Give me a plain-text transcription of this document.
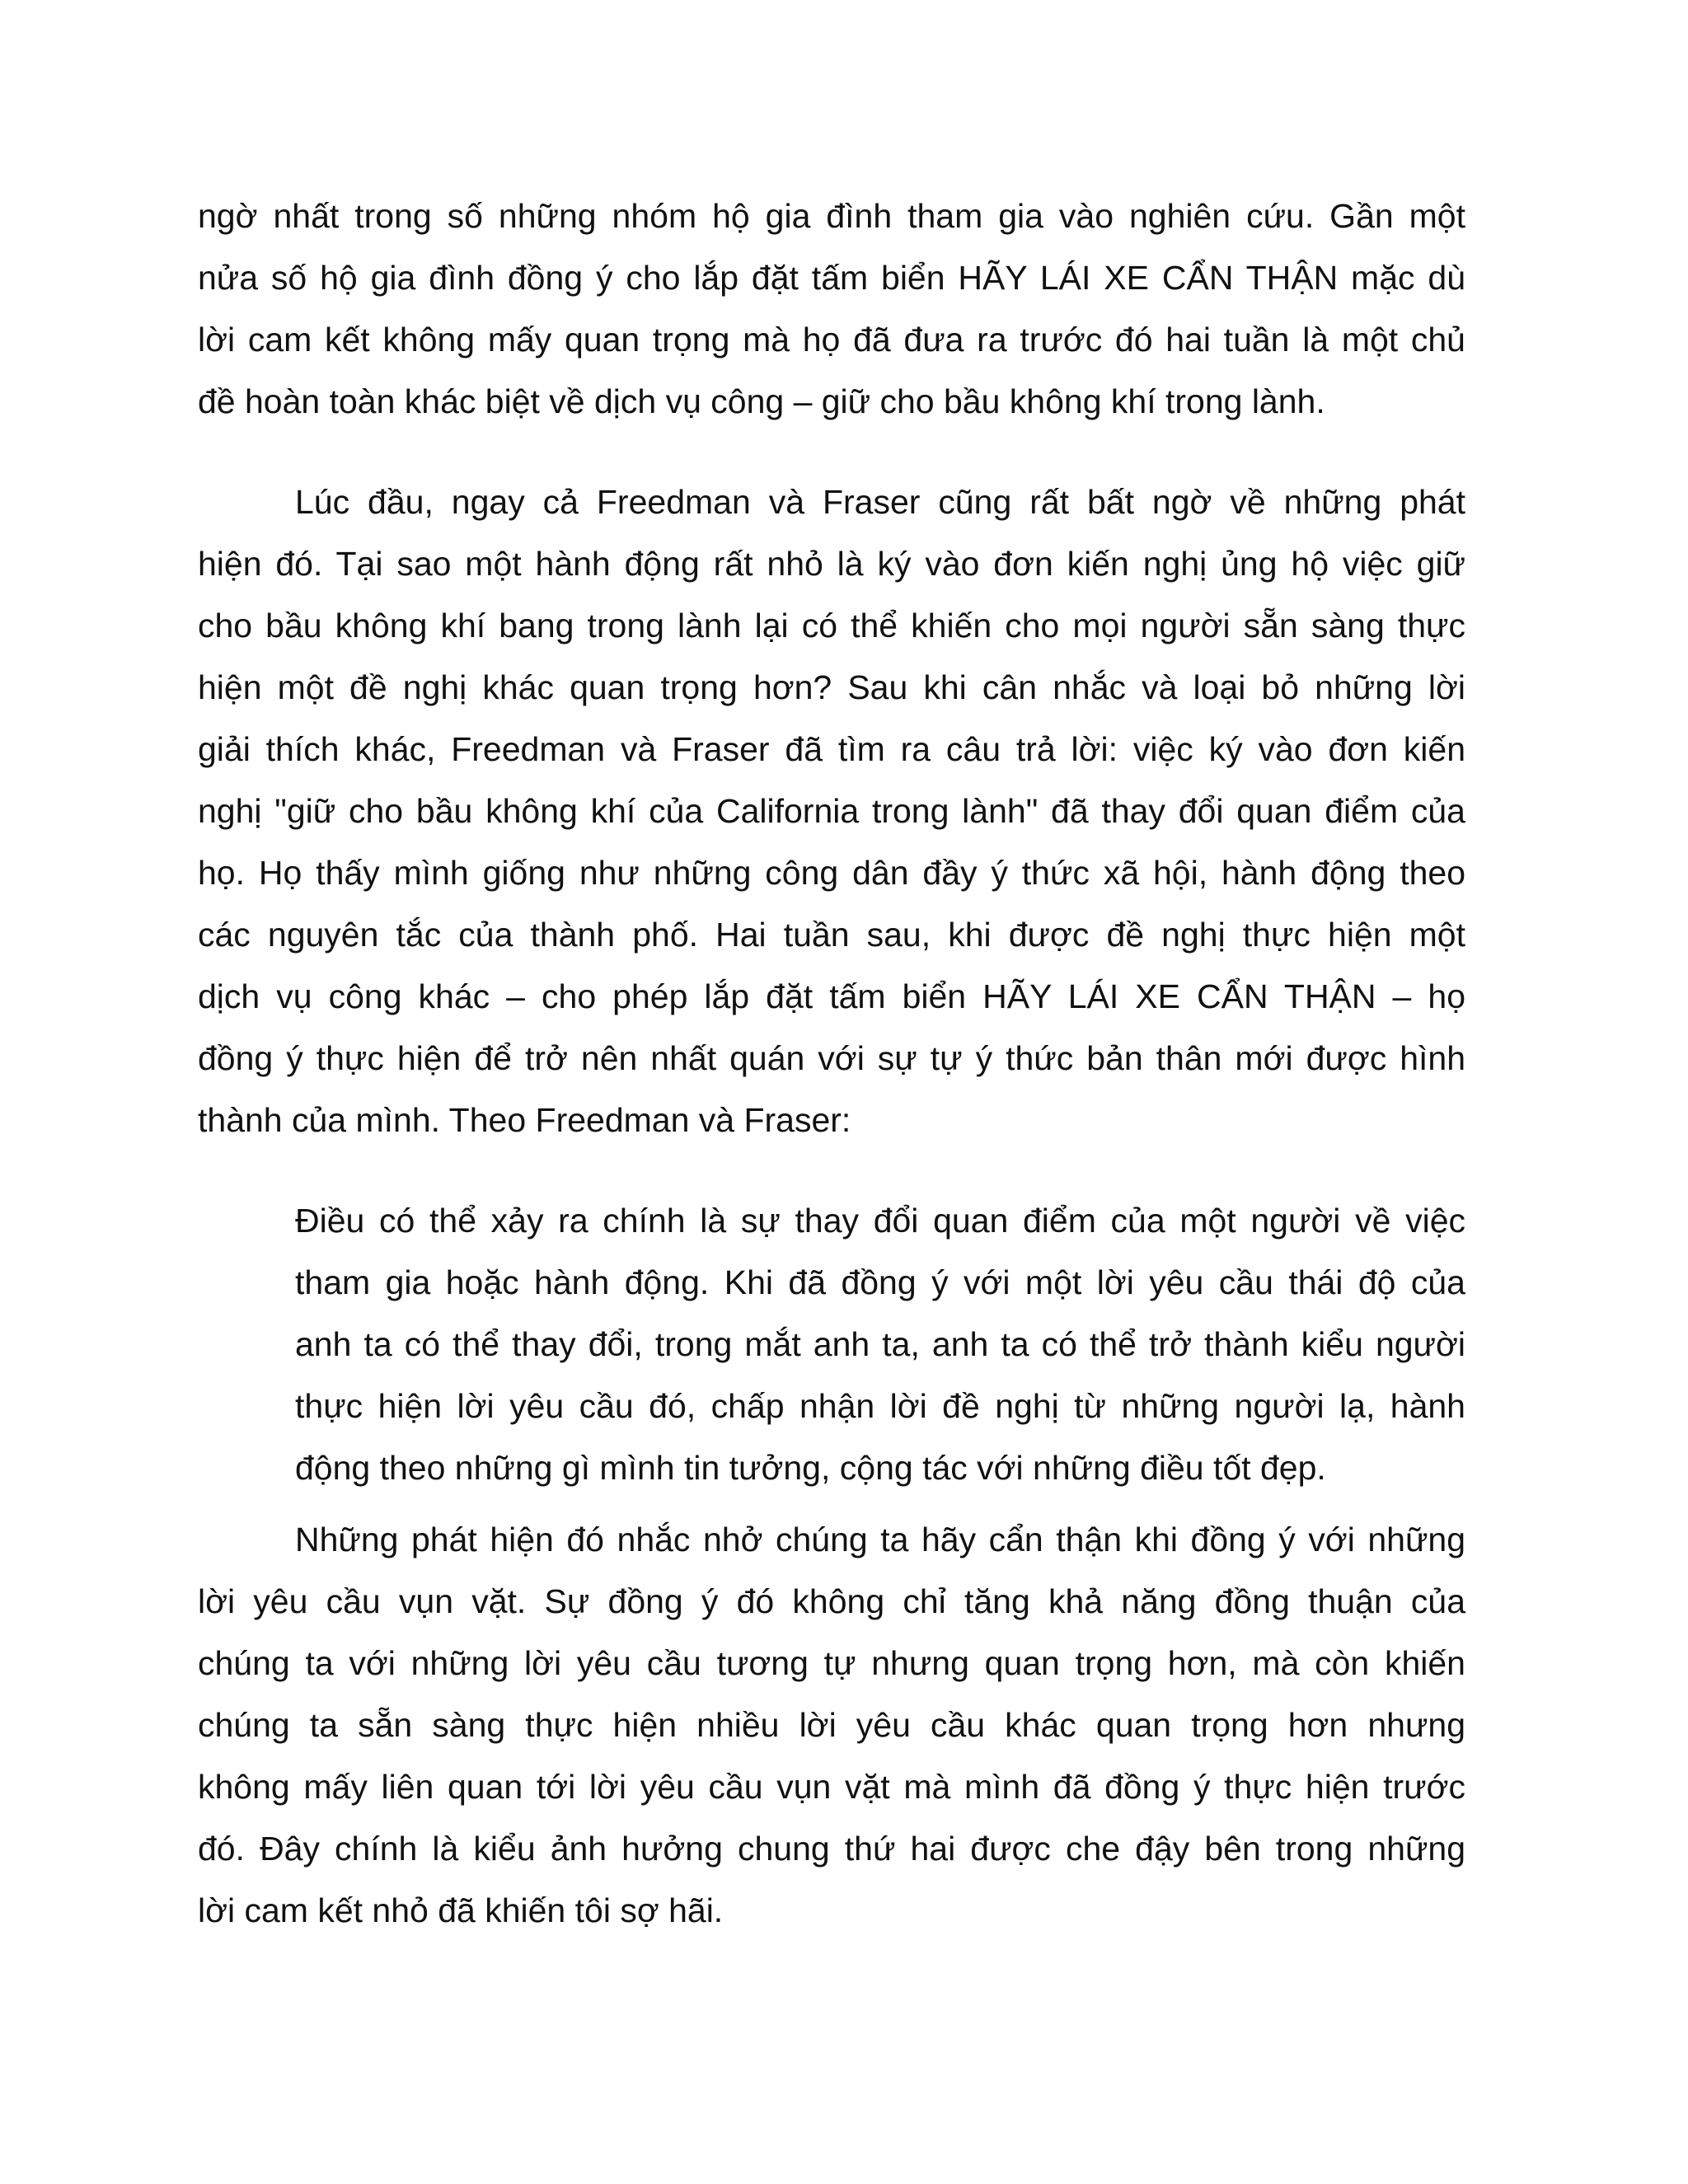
ngờ nhất trong số những nhóm hộ gia đình tham gia vào nghiên cứu. Gần một
nửa số hộ gia đình đồng ý cho lắp đặt tấm biển HÃY LÁI XE CẨN THẬN mặc dù
lời cam kết không mấy quan trọng mà họ đã đưa ra trước đó hai tuần là một chủ
đề hoàn toàn khác biệt về dịch vụ công – giữ cho bầu không khí trong lành.
Lúc đầu, ngay cả Freedman và Fraser cũng rất bất ngờ về những phát
hiện đó. Tại sao một hành động rất nhỏ là ký vào đơn kiến nghị ủng hộ việc giữ
cho bầu không khí bang trong lành lại có thể khiến cho mọi người sẵn sàng thực
hiện một đề nghị khác quan trọng hơn? Sau khi cân nhắc và loại bỏ những lời
giải thích khác, Freedman và Fraser đã tìm ra câu trả lời: việc ký vào đơn kiến
nghị "giữ cho bầu không khí của California trong lành" đã thay đổi quan điểm của
họ. Họ thấy mình giống như những công dân đầy ý thức xã hội, hành động theo
các nguyên tắc của thành phố. Hai tuần sau, khi được đề nghị thực hiện một
dịch vụ công khác – cho phép lắp đặt tấm biển HÃY LÁI XE CẨN THẬN – họ
đồng ý thực hiện để trở nên nhất quán với sự tự ý thức bản thân mới được hình
thành của mình. Theo Freedman và Fraser:
Điều có thể xảy ra chính là sự thay đổi quan điểm của một người về việc
tham gia hoặc hành động. Khi đã đồng ý với một lời yêu cầu thái độ của
anh ta có thể thay đổi, trong mắt anh ta, anh ta có thể trở thành kiểu người
thực hiện lời yêu cầu đó, chấp nhận lời đề nghị từ những người lạ, hành
động theo những gì mình tin tưởng, cộng tác với những điều tốt đẹp.
Những phát hiện đó nhắc nhở chúng ta hãy cẩn thận khi đồng ý với những
lời yêu cầu vụn vặt. Sự đồng ý đó không chỉ tăng khả năng đồng thuận của
chúng ta với những lời yêu cầu tương tự nhưng quan trọng hơn, mà còn khiến
chúng ta sẵn sàng thực hiện nhiều lời yêu cầu khác quan trọng hơn nhưng
không mấy liên quan tới lời yêu cầu vụn vặt mà mình đã đồng ý thực hiện trước
đó. Đây chính là kiểu ảnh hưởng chung thứ hai được che đậy bên trong những
lời cam kết nhỏ đã khiến tôi sợ hãi.
